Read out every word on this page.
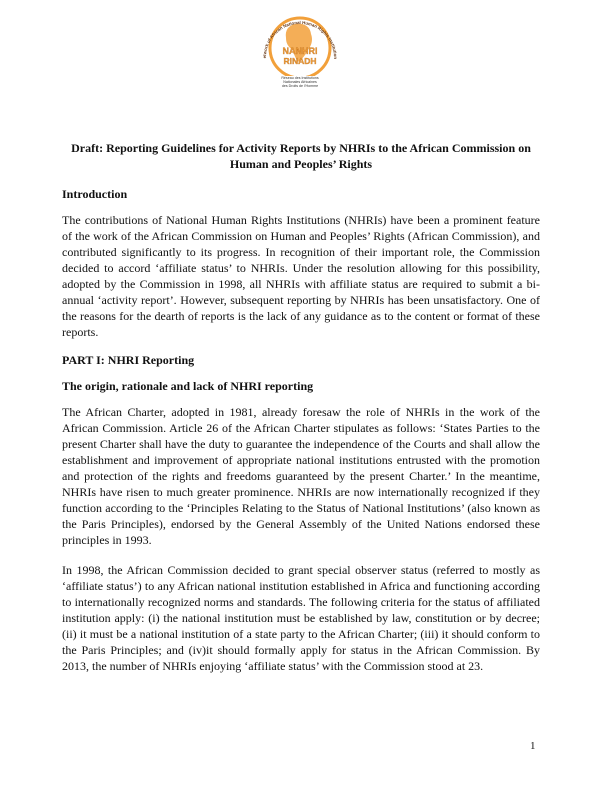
etwork of African National Human Rights Institution
NANHRI
RINADH
Réseau des Institutions
Nationales Africaines
des Droits de l'Homme
Draft: Reporting Guidelines for Activity Reports by NHRIs to the African Commission on Human and Peoples’ Rights
Introduction

The contributions of National Human Rights Institutions (NHRIs) have been a prominent feature of the work of the African Commission on Human and Peoples’ Rights (African Commission), and contributed significantly to its progress. In recognition of their important role, the Commission decided to accord ‘affiliate status’ to NHRIs. Under the resolution allowing for this possibility, adopted by the Commission in 1998, all NHRIs with affiliate status are required to submit a bi-annual ‘activity report’. However, subsequent reporting by NHRIs has been unsatisfactory. One of the reasons for the dearth of reports is the lack of any guidance as to the content or format of these reports.

PART I: NHRI Reporting
The origin, rationale and lack of NHRI reporting

The African Charter, adopted in 1981, already foresaw the role of NHRIs in the work of the African Commission. Article 26 of the African Charter stipulates as follows: ‘States Parties to the present Charter shall have the duty to guarantee the independence of the Courts and shall allow the establishment and improvement of appropriate national institutions entrusted with the promotion and protection of the rights and freedoms guaranteed by the present Charter.’ In the meantime, NHRIs have risen to much greater prominence. NHRIs are now internationally recognized if they function according to the ‘Principles Relating to the Status of National Institutions’ (also known as the Paris Principles), endorsed by the General Assembly of the United Nations endorsed these principles in 1993.

In 1998, the African Commission decided to grant special observer status (referred to mostly as ‘affiliate status’) to any African national institution established in Africa and functioning according to internationally recognized norms and standards. The following criteria for the status of affiliated institution apply: (i) the national institution must be established by law, constitution or by decree; (ii) it must be a national institution of a state party to the African Charter; (iii) it should conform to the Paris Principles; and (iv)it should formally apply for status in the African Commission. By 2013, the number of NHRIs enjoying ‘affiliate status’ with the Commission stood at 23.

1
